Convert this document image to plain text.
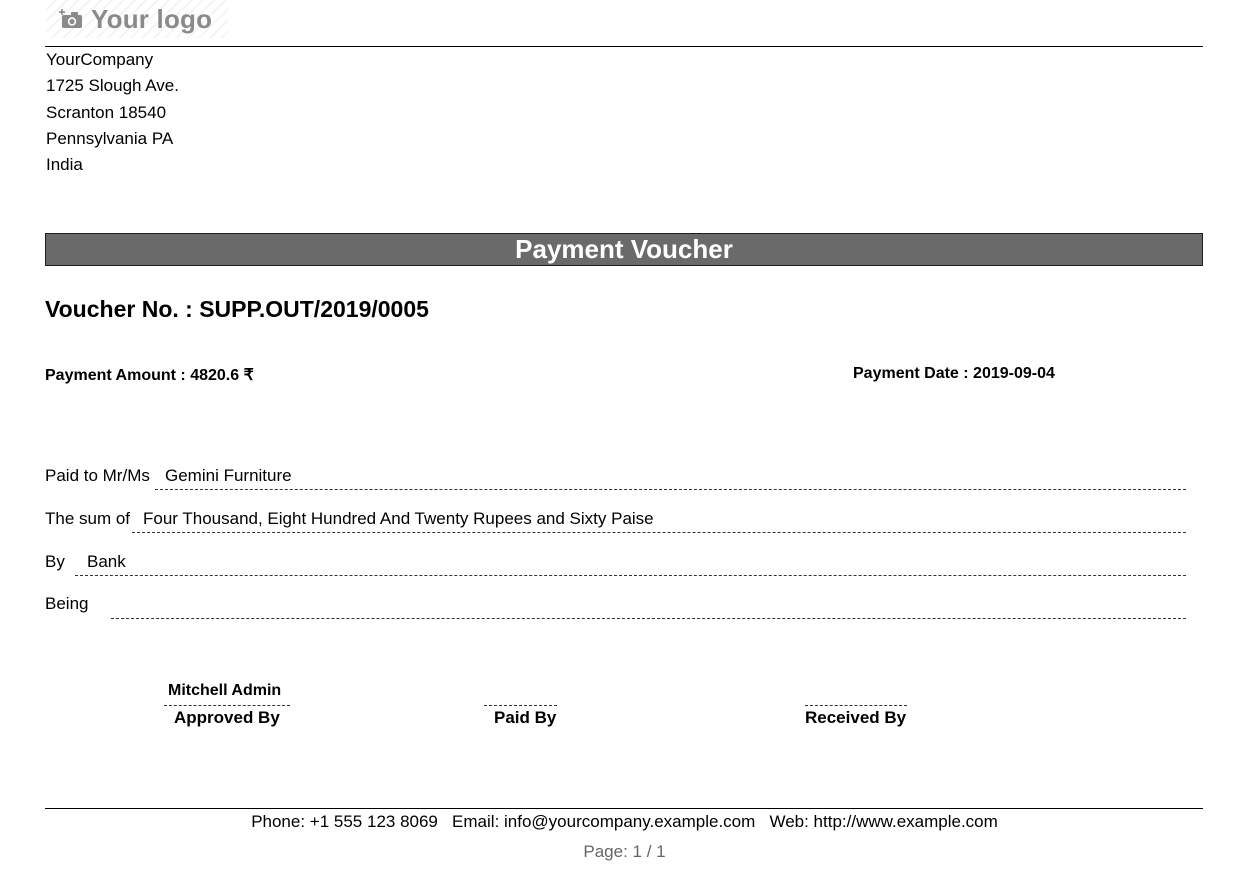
Your logo
YourCompany
1725 Slough Ave.
Scranton 18540
Pennsylvania PA
India
Payment Voucher
Voucher No. : SUPP.OUT/2019/0005
Payment Amount : 4820.6 ₹	Payment Date : 2019-09-04
Paid to Mr/Ms Gemini Furniture
The sum of Four Thousand, Eight Hundred And Twenty Rupees and Sixty Paise
By Bank
Being
Mitchell Admin
Approved By	Paid By	Received By
Phone: +1 555 123 8069   Email: info@yourcompany.example.com   Web: http://www.example.com
Page: 1 / 1
